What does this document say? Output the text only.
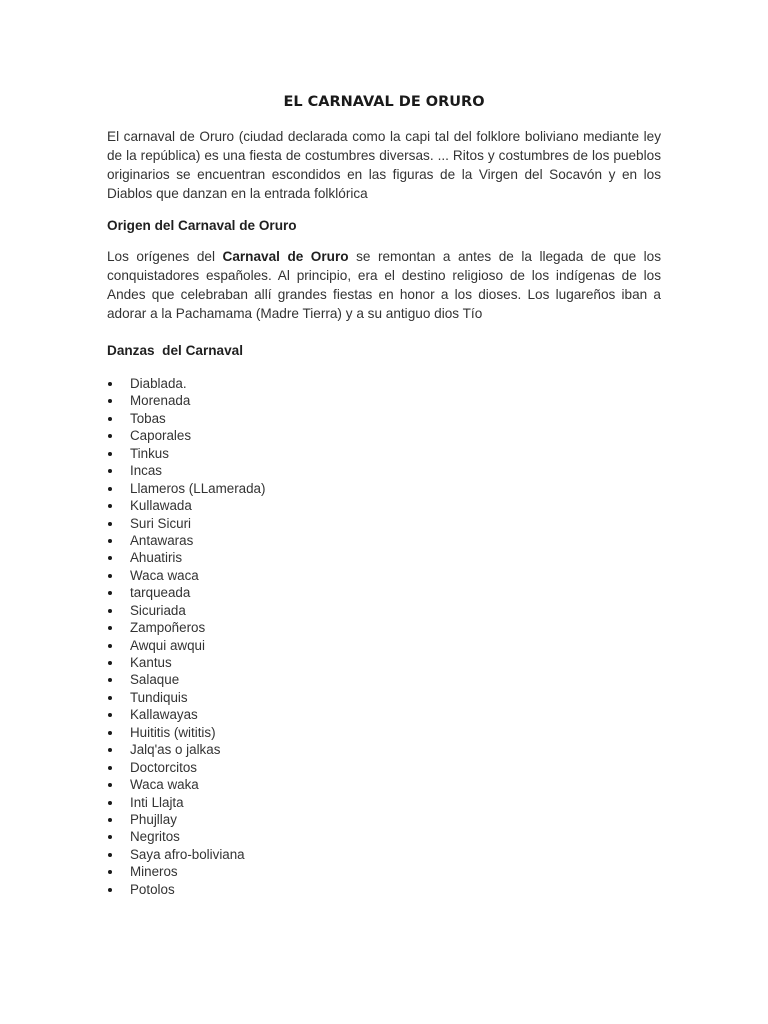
EL CARNAVAL DE ORURO

El carnaval de Oruro (ciudad declarada como la capi tal del folklore boliviano mediante ley de la república) es una fiesta de costumbres diversas. ... Ritos y costumbres de los pueblos originarios se encuentran escondidos en las figuras de la Virgen del Socavón y en los Diablos que danzan en la entrada folklórica

Origen del Carnaval de Oruro

Los orígenes del Carnaval de Oruro se remontan a antes de la llegada de que los conquistadores españoles. Al principio, era el destino religioso de los indígenas de los Andes que celebraban allí grandes fiestas en honor a los dioses. Los lugareños iban a adorar a la Pachamama (Madre Tierra) y a su antiguo dios Tío

Danzas  del Carnaval
Diablada.
Morenada
Tobas
Caporales
Tinkus
Incas
Llameros (LLamerada)
Kullawada
Suri Sicuri
Antawaras
Ahuatiris
Waca waca
tarqueada
Sicuriada
Zampoñeros
Awqui awqui
Kantus
Salaque
Tundiquis
Kallawayas
Huititis (wititis)
Jalq'as o jalkas
Doctorcitos
Waca waka
Inti Llajta
Phujllay
Negritos
Saya afro-boliviana
Mineros
Potolos
